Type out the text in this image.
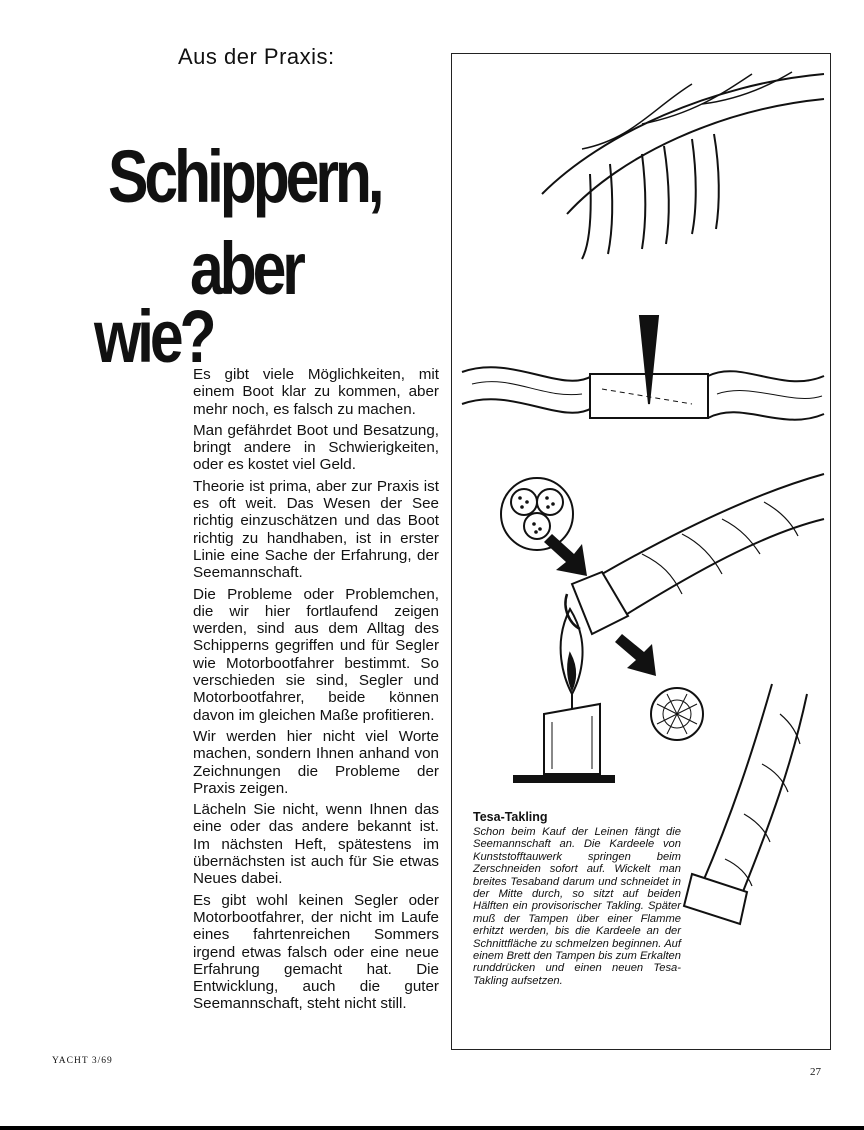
Aus der Praxis:
Schippern,
aber
wie?

Es gibt viele Möglichkeiten, mit einem Boot klar zu kommen, aber mehr noch, es falsch zu machen.

Man gefährdet Boot und Besatzung, bringt andere in Schwierigkeiten, oder es kostet viel Geld.

Theorie ist prima, aber zur Praxis ist es oft weit. Das Wesen der See richtig einzuschätzen und das Boot richtig zu handhaben, ist in erster Linie eine Sache der Erfahrung, der Seemannschaft.

Die Probleme oder Problemchen, die wir hier fortlaufend zeigen werden, sind aus dem Alltag des Schipperns gegriffen und für Segler wie Motorbootfahrer bestimmt. So verschieden sie sind, Segler und Motorbootfahrer, beide können davon im gleichen Maße profitieren.

Wir werden hier nicht viel Worte machen, sondern Ihnen anhand von Zeichnungen die Probleme der Praxis zeigen.

Lächeln Sie nicht, wenn Ihnen das eine oder das andere bekannt ist. Im nächsten Heft, spätestens im übernächsten ist auch für Sie etwas Neues dabei.

Es gibt wohl keinen Segler oder Motorbootfahrer, der nicht im Laufe eines fahrtenreichen Sommers irgend etwas falsch oder eine neue Erfahrung gemacht hat. Die Entwicklung, auch die guter Seemannschaft, steht nicht still.

Tesa-Takling
Schon beim Kauf der Leinen fängt die Seemannschaft an. Die Kardeele von Kunststofftauwerk springen beim Zerschneiden sofort auf. Wickelt man breites Tesaband darum und schneidet in der Mitte durch, so sitzt auf beiden Hälften ein provisorischer Takling. Später muß der Tampen über einer Flamme erhitzt werden, bis die Kardeele an der Schnittfläche zu schmelzen beginnen. Auf einem Brett den Tampen bis zum Erkalten runddrücken und einen neuen Tesa-Takling aufsetzen.
YACHT 3/69
27
